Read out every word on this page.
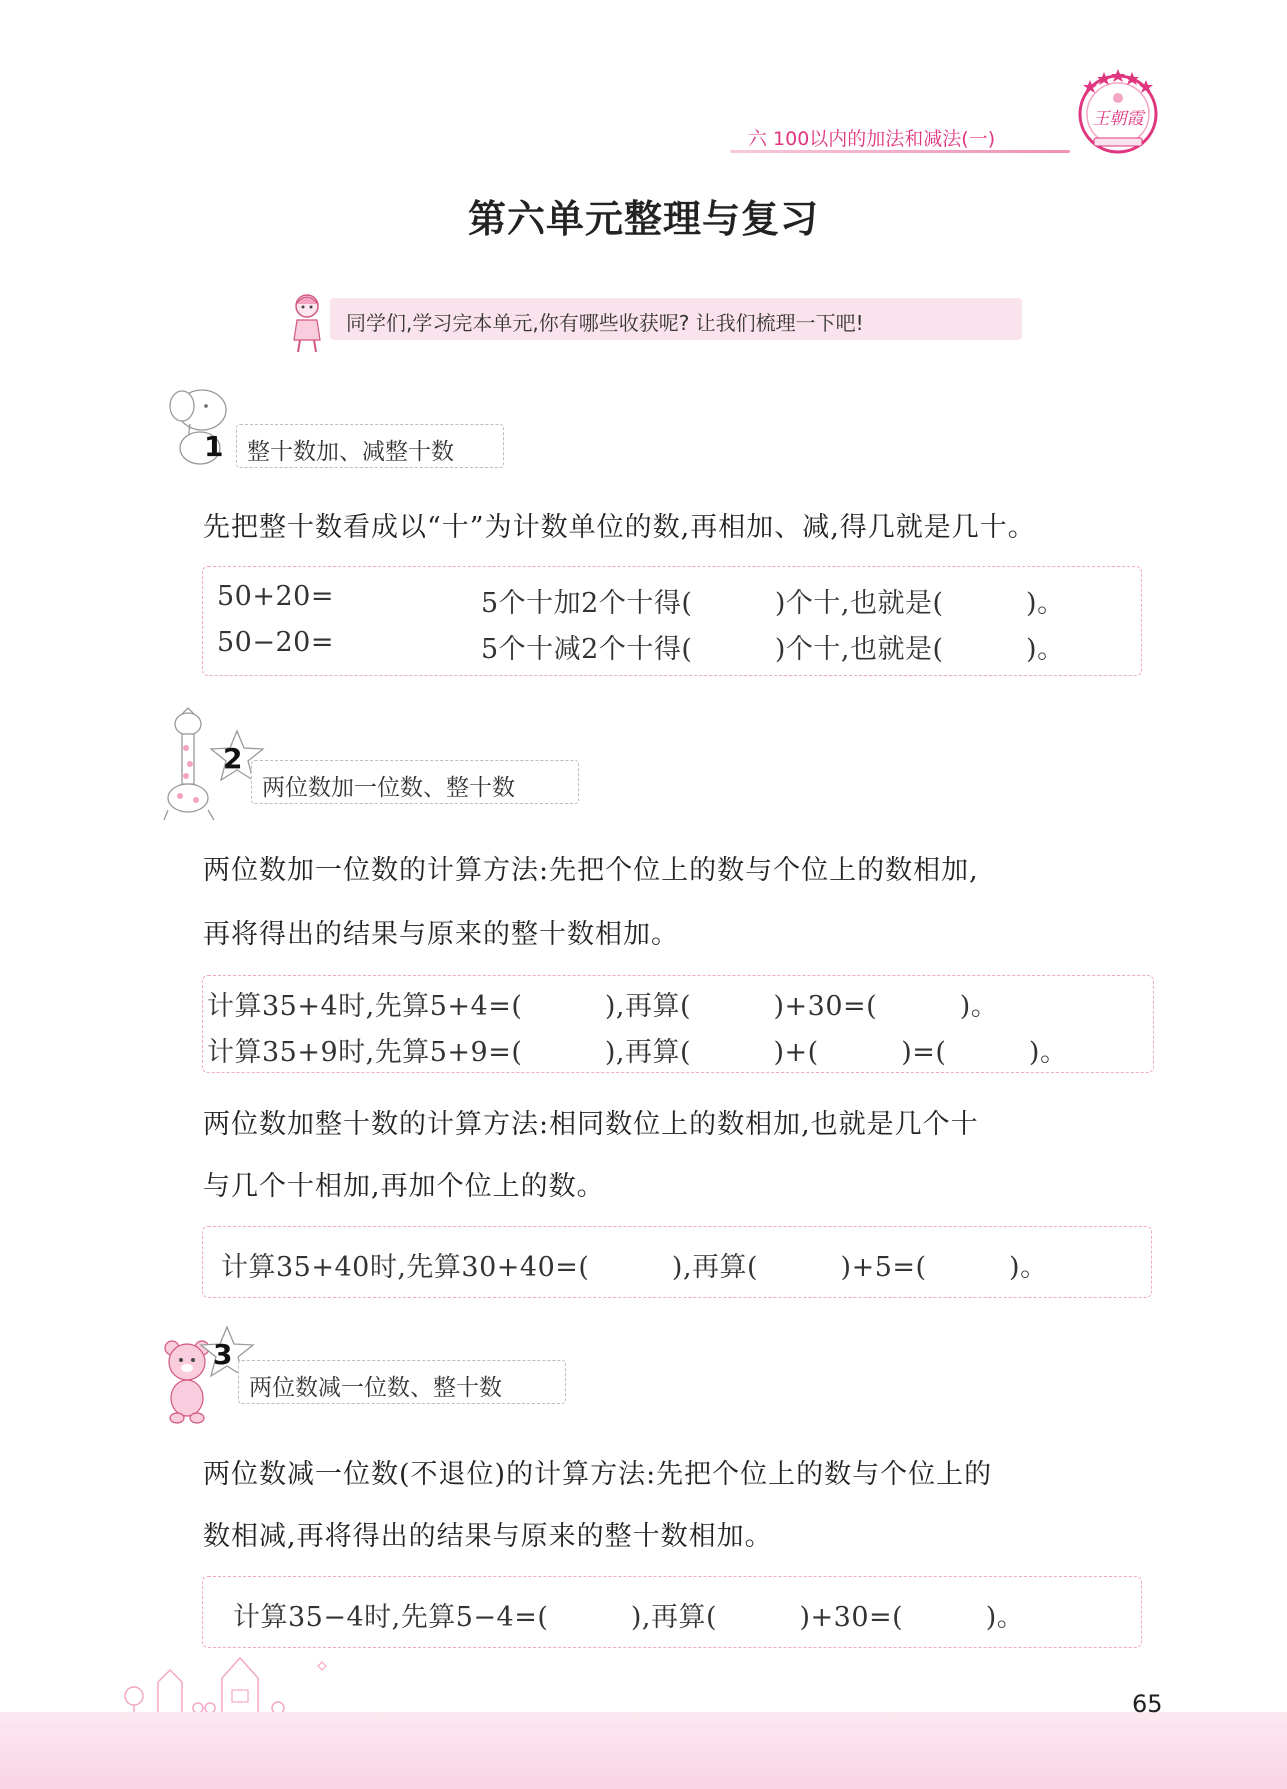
六 100以内的加法和减法(一)
王朝霞
第六单元整理与复习
同学们,学习完本单元,你有哪些收获呢? 让我们梳理一下吧!
1 整十数加、减整十数
先把整十数看成以“十”为计数单位的数,再相加、减,得几就是几十。
50+20=	5个十加2个十得(　　　)个十,也就是(　　　)。
50−20=	5个十减2个十得(　　　)个十,也就是(　　　)。
2
两位数加一位数、整十数
两位数加一位数的计算方法:先把个位上的数与个位上的数相加,
再将得出的结果与原来的整十数相加。
计算35+4时,先算5+4=(　　　),再算(　　　)+30=(　　　)。
计算35+9时,先算5+9=(　　　),再算(　　　)+(　　　)=(　　　)。
两位数加整十数的计算方法:相同数位上的数相加,也就是几个十
与几个十相加,再加个位上的数。
计算35+40时,先算30+40=(　　　),再算(　　　)+5=(　　　)。
3
两位数减一位数、整十数
两位数减一位数(不退位)的计算方法:先把个位上的数与个位上的
数相减,再将得出的结果与原来的整十数相加。
计算35−4时,先算5−4=(　　　),再算(　　　)+30=(　　　)。
65
